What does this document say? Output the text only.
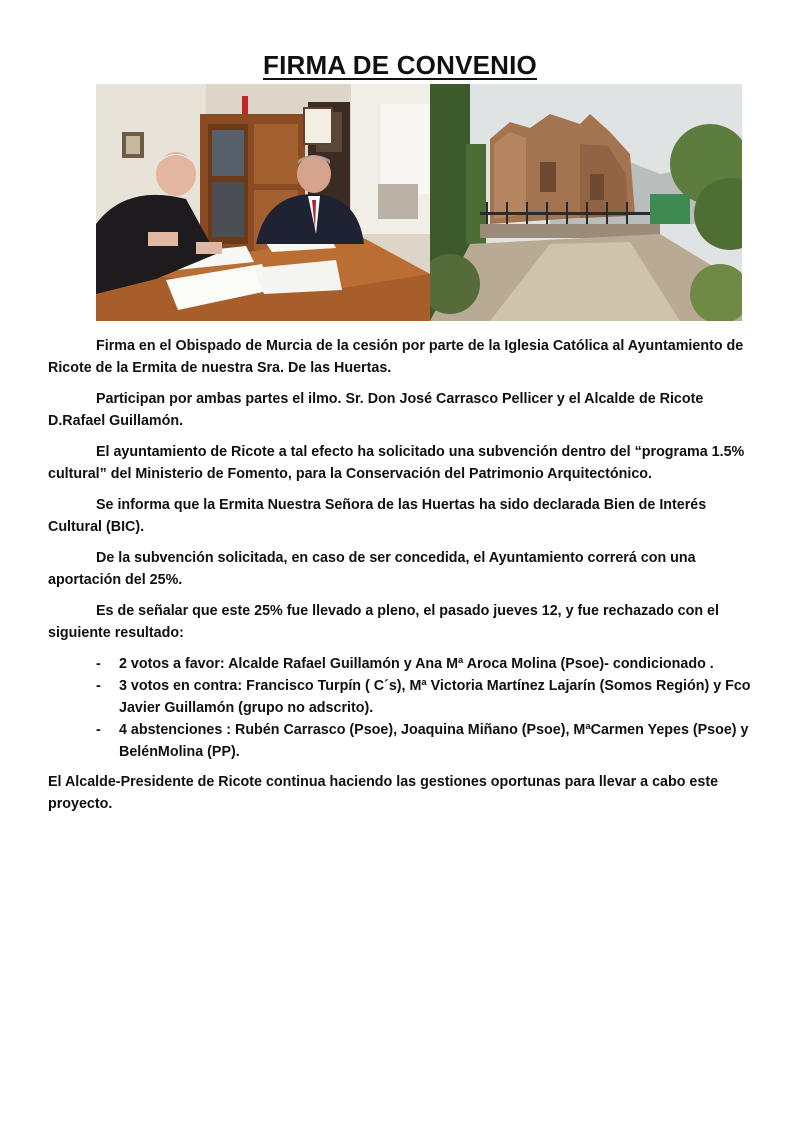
FIRMA DE CONVENIO

Firma en el Obispado de Murcia de la cesión por parte de la Iglesia Católica al Ayuntamiento de Ricote de la Ermita de nuestra Sra. De las Huertas.

Participan por ambas partes el ilmo. Sr. Don José Carrasco Pellicer y el Alcalde de Ricote D.Rafael Guillamón.

El ayuntamiento de Ricote a tal efecto ha solicitado una subvención dentro del “programa 1.5% cultural” del Ministerio de Fomento, para la Conservación del Patrimonio Arquitectónico.

Se informa que la Ermita Nuestra Señora de las Huertas ha sido declarada Bien de Interés Cultural (BIC).

De la subvención solicitada, en caso de ser concedida, el Ayuntamiento correrá con una aportación del 25%.

Es de señalar que este 25% fue llevado a pleno, el pasado jueves 12, y fue rechazado con el siguiente resultado:

- 2 votos a favor: Alcalde Rafael Guillamón y Ana Mª Aroca Molina (Psoe)- condicionado .
- 3 votos en contra: Francisco Turpín ( C´s), Mª Victoria Martínez Lajarín (Somos Región) y Fco Javier Guillamón (grupo no adscrito).
- 4 abstenciones : Rubén Carrasco (Psoe), Joaquina Miñano (Psoe), MªCarmen Yepes (Psoe) y BelénMolina (PP).

El Alcalde-Presidente de Ricote continua haciendo las gestiones oportunas para llevar a cabo este proyecto.
